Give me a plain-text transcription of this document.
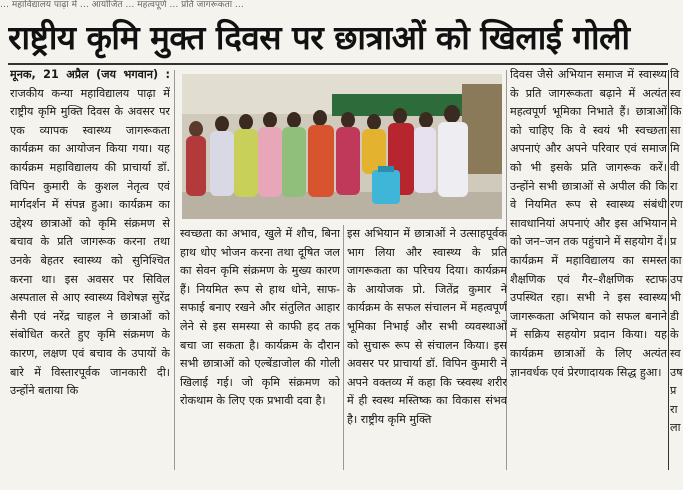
… महाविद्यालय पाढ़ा में … आयोजित … महत्वपूर्ण … प्रति जागरूकता …
राष्ट्रीय कृमि मुक्त दिवस पर छात्राओं को खिलाई गोली
मूनक, 21 अप्रैल (जय भगवान) : राजकीय कन्या महाविद्यालय पाढ़ा में राष्ट्रीय कृमि मुक्ति दिवस के अवसर पर एक व्यापक स्वास्थ्य जागरूकता कार्यक्रम का आयोजन किया गया। यह कार्यक्रम महाविद्यालय की प्राचार्या डॉ. विपिन कुमारी के कुशल नेतृत्व एवं मार्गदर्शन में संपन्न हुआ। कार्यक्रम का उद्देश्य छात्राओं को कृमि संक्रमण से बचाव के प्रति जागरूक करना तथा उनके बेहतर स्वास्थ्य को सुनिश्चित करना था। इस अवसर पर सिविल अस्पताल से आए स्वास्थ्य विशेषज्ञ सुरेंद्र सैनी एवं नरेंद्र चाहल ने छात्राओं को संबोधित करते हुए कृमि संक्रमण के कारण, लक्षण एवं बचाव के उपायों के बारे में विस्तारपूर्वक जानकारी दी। उन्होंने बताया कि
स्वच्छता का अभाव, खुले में शौच, बिना हाथ धोए भोजन करना तथा दूषित जल का सेवन कृमि संक्रमण के मुख्य कारण हैं। नियमित रूप से हाथ धोने, साफ-सफाई बनाए रखने और संतुलित आहार लेने से इस समस्या से काफी हद तक बचा जा सकता है। कार्यक्रम के दौरान सभी छात्राओं को एल्बेंडाजोल की गोली खिलाई गई। जो कृमि संक्रमण को रोकथाम के लिए एक प्रभावी दवा है।
इस अभियान में छात्राओं ने उत्साहपूर्वक भाग लिया और स्वास्थ्य के प्रति जागरूकता का परिचय दिया। कार्यक्रम के आयोजक प्रो. जितेंद्र कुमार ने कार्यक्रम के सफल संचालन में महत्वपूर्ण भूमिका निभाई और सभी व्यवस्थाओं को सुचारू रूप से संचालन किया। इस अवसर पर प्राचार्या डॉ. विपिन कुमारी ने अपने वक्तव्य में कहा कि च्स्वस्थ शरीर में ही स्वस्थ मस्तिष्क का विकास संभव है। राष्ट्रीय कृमि मुक्ति
दिवस जैसे अभियान समाज में स्वास्थ्य के प्रति जागरूकता बढ़ाने में अत्यंत महत्वपूर्ण भूमिका निभाते हैं। छात्राओं को चाहिए कि वे स्वयं भी स्वच्छता अपनाएं और अपने परिवार एवं समाज को भी इसके प्रति जागरूक करें। उन्होंने सभी छात्राओं से अपील की कि वे नियमित रूप से स्वास्थ्य संबंधी सावधानियां अपनाएं और इस अभियान को जन–जन तक पहुंचाने में सहयोग दें। कार्यक्रम में महाविद्यालय का समस्त शैक्षणिक एवं गैर–शैक्षणिक स्टाफ उपस्थित रहा। सभी ने इस स्वास्थ्य जागरूकता अभियान को सफल बनाने में सक्रिय सहयोग प्रदान किया। यह कार्यक्रम छात्राओं के लिए अत्यंत ज्ञानवर्धक एवं प्रेरणादायक सिद्ध हुआ।
वि
स्व
कि
सा
मि
वी
रा
रण
मे
प्र
का
उप
भी
डी
के
स्व
उष
प्र
रा
ला
